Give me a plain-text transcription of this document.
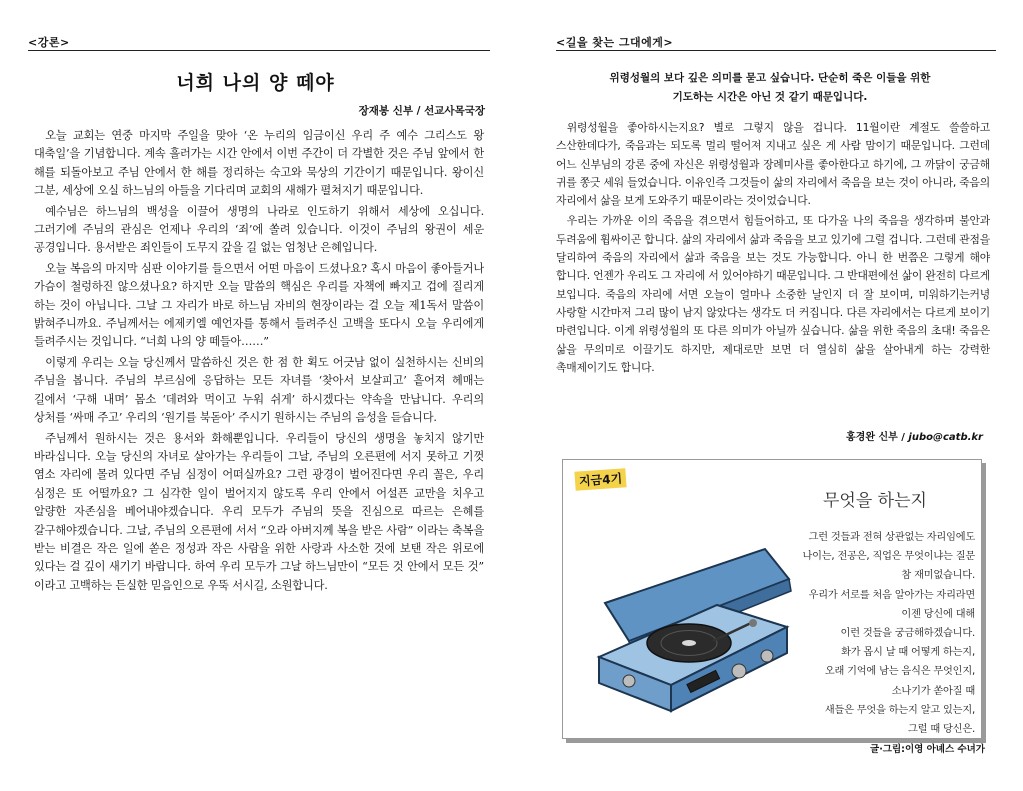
<강론>
너희 나의 양 떼야
장재봉 신부 / 선교사목국장

오늘 교회는 연중 마지막 주일을 맞아 ‘온 누리의 임금이신 우리 주 예수 그리스도 왕 대축일’을 기념합니다. 계속 흘러가는 시간 안에서 이번 주간이 더 각별한 것은 주님 앞에서 한 해를 되돌아보고 주님 안에서 한 해를 정리하는 숙고와 묵상의 기간이기 때문입니다. 왕이신 그분, 세상에 오실 하느님의 아들을 기다리며 교회의 새해가 펼쳐지기 때문입니다.

예수님은 하느님의 백성을 이끌어 생명의 나라로 인도하기 위해서 세상에 오십니다. 그러기에 주님의 관심은 언제나 우리의 ‘죄’에 쏠려 있습니다. 이것이 주님의 왕권이 세운 공경입니다. 용서받은 죄인들이 도무지 갚을 길 없는 엄청난 은혜입니다.

오늘 복음의 마지막 심판 이야기를 들으면서 어떤 마음이 드셨나요? 혹시 마음이 좋아들거나 가슴이 철렁하진 않으셨나요? 하지만 오늘 말씀의 핵심은 우리를 자책에 빠지고 겁에 질리게 하는 것이 아닙니다. 그날 그 자리가 바로 하느님 자비의 현장이라는 걸 오늘 제1독서 말씀이 밝혀주니까요. 주님께서는 에제키엘 예언자를 통해서 들려주신 고백을 또다시 오늘 우리에게 들려주시는 것입니다. “너희 나의 양 떼들아……”

이렇게 우리는 오늘 당신께서 말씀하신 것은 한 점 한 획도 어긋남 없이 실천하시는 신비의 주님을 봅니다. 주님의 부르심에 응답하는 모든 자녀를 ‘찾아서 보살피고’ 흩어져 헤매는 길에서 ‘구해 내며’ 몸소 ‘데려와 먹이고 누워 쉬게’ 하시겠다는 약속을 만납니다. 우리의 상처를 ‘싸매 주고’ 우리의 ‘원기를 북돋아’ 주시기 원하시는 주님의 음성을 듣습니다.

주님께서 원하시는 것은 용서와 화해뿐입니다. 우리들이 당신의 생명을 놓치지 않기만 바라십니다. 오늘 당신의 자녀로 살아가는 우리들이 그날, 주님의 오른편에 서지 못하고 기껏 염소 자리에 몰려 있다면 주님 심정이 어떠실까요? 그런 광경이 벌어진다면 우리 꼴은, 우리 심정은 또 어떨까요? 그 심각한 일이 벌어지지 않도록 우리 안에서 어설픈 교만을 치우고 알량한 자존심을 베어내야겠습니다. 우리 모두가 주님의 뜻을 진심으로 따르는 은혜를 갈구해야겠습니다. 그날, 주님의 오른편에 서서 “오라 아버지께 복을 받은 사람” 이라는 축복을 받는 비결은 작은 일에 쏟은 정성과 작은 사람을 위한 사랑과 사소한 것에 보탠 작은 위로에 있다는 걸 깊이 새기기 바랍니다. 하여 우리 모두가 그날 하느님만이 “모든 것 안에서 모든 것” 이라고 고백하는 든실한 믿음인으로 우뚝 서시길, 소원합니다.

<길을 찾는 그대에게>
위령성월의 보다 깊은 의미를 묻고 싶습니다. 단순히 죽은 이들을 위한
기도하는 시간은 아닌 것 같기 때문입니다.

위령성월을 좋아하시는지요? 별로 그렇지 않을 겁니다. 11월이란 계절도 쓸쓸하고 스산한데다가, 죽음과는 되도록 멀리 떨어져 지내고 싶은 게 사람 맘이기 때문입니다. 그런데 어느 신부님의 강론 중에 자신은 위령성월과 장례미사를 좋아한다고 하기에, 그 까닭이 궁금해 귀를 쫑긋 세워 들었습니다. 이유인즉 그것들이 삶의 자리에서 죽음을 보는 것이 아니라, 죽음의 자리에서 삶을 보게 도와주기 때문이라는 것이었습니다.

우리는 가까운 이의 죽음을 겪으면서 힘들어하고, 또 다가올 나의 죽음을 생각하며 불안과 두려움에 휩싸이곤 합니다. 삶의 자리에서 삶과 죽음을 보고 있기에 그럴 겁니다. 그런데 관점을 달리하여 죽음의 자리에서 삶과 죽음을 보는 것도 가능합니다. 아니 한 번쯤은 그렇게 해야 합니다. 언젠가 우리도 그 자리에 서 있어야하기 때문입니다. 그 반대편에선 삶이 완전히 다르게 보입니다. 죽음의 자리에 서면 오늘이 얼마나 소중한 날인지 더 잘 보이며, 미워하기는커녕 사랑할 시간마저 그리 많이 남지 않았다는 생각도 더 커집니다. 다른 자리에서는 다르게 보이기 마련입니다. 이게 위령성월의 또 다른 의미가 아닐까 싶습니다. 삶을 위한 죽음의 초대! 죽음은 삶을 무의미로 이끌기도 하지만, 제대로만 보면 더 열심히 삶을 살아내게 하는 강력한 촉매제이기도 합니다.

홍경완 신부 / jubo@catb.kr
지금4기
무엇을 하는지
그런 것들과 전혀 상관없는 자리임에도
나이는, 전공은, 직업은 무엇이냐는 질문
참 재미없습니다.
우리가 서로를 처음 알아가는 자리라면
이젠 당신에 대해
이런 것들을 궁금해하겠습니다.
화가 몹시 날 때 어떻게 하는지,
오래 기억에 남는 음식은 무엇인지,
소나기가 쏟아질 때
새들은 무엇을 하는지 알고 있는지,
그럴 때 당신은.
글·그림:이영 아녜스 수녀가
